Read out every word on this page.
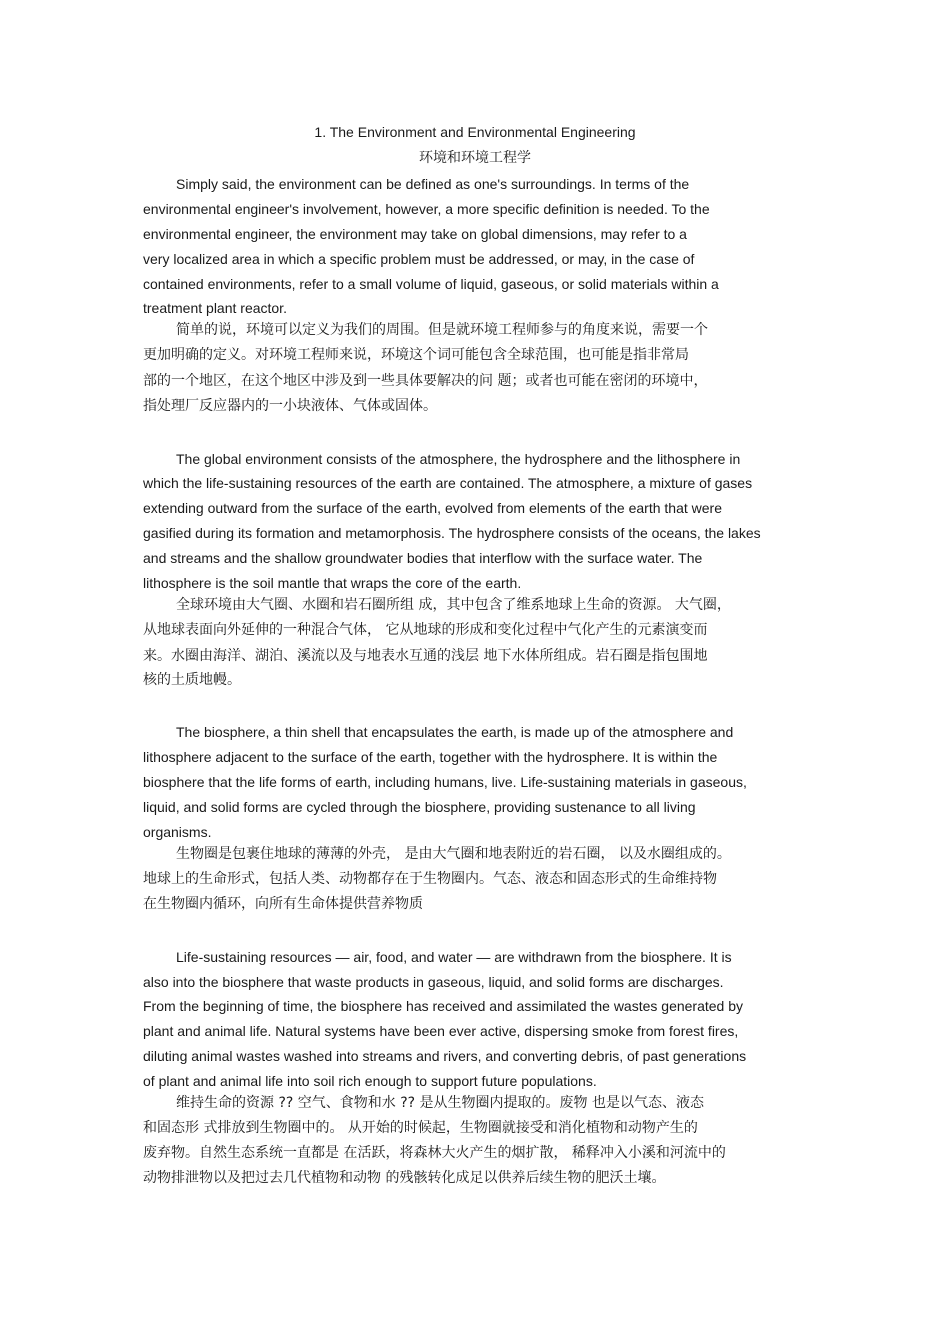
1. The Environment and Environmental Engineering
环境和环境工程学
Simply said, the environment can be defined as one's surroundings. In terms of the
environmental engineer's involvement, however, a more specific definition is needed. To the
environmental engineer, the environment may take on global dimensions, may refer to a
very localized area in which a specific problem must be addressed, or may, in the case of
contained environments, refer to a small volume of liquid, gaseous, or solid materials within a
treatment plant reactor.
简单的说，环境可以定义为我们的周围。但是就环境工程师参与的角度来说，需要一个
更加明确的定义。对环境工程师来说，环境这个词可能包含全球范围，也可能是指非常局
部的一个地区，在这个地区中涉及到一些具体要解决的问 题；或者也可能在密闭的环境中，
指处理厂反应器内的一小块液体、气体或固体。
The global environment consists of the atmosphere, the hydrosphere and the lithosphere in
which the life-sustaining resources of the earth are contained. The atmosphere, a mixture of gases
extending outward from the surface of the earth, evolved from elements of the earth that were
gasified during its formation and metamorphosis. The hydrosphere consists of the oceans, the lakes
and streams and the shallow groundwater bodies that interflow with the surface water. The
lithosphere is the soil mantle that wraps the core of the earth.
全球环境由大气圈、水圈和岩石圈所组 成，其中包含了维系地球上生命的资源。 大气圈，
从地球表面向外延伸的一种混合气体， 它从地球的形成和变化过程中气化产生的元素演变而
来。水圈由海洋、湖泊、溪流以及与地表水互通的浅层 地下水体所组成。岩石圈是指包围地
核的土质地幔。
The biosphere, a thin shell that encapsulates the earth, is made up of the atmosphere and
lithosphere adjacent to the surface of the earth, together with the hydrosphere. It is within the
biosphere that the life forms of earth, including humans, live. Life-sustaining materials in gaseous,
liquid, and solid forms are cycled through the biosphere, providing sustenance to all living
organisms.
生物圈是包裹住地球的薄薄的外壳， 是由大气圈和地表附近的岩石圈， 以及水圈组成的。
地球上的生命形式，包括人类、动物都存在于生物圈内。气态、液态和固态形式的生命维持物
在生物圈内循环，向所有生命体提供营养物质
Life-sustaining resources — air, food, and water — are withdrawn from the biosphere. It is
also into the biosphere that waste products in gaseous, liquid, and solid forms are discharges.
From the beginning of time, the biosphere has received and assimilated the wastes generated by
plant and animal life. Natural systems have been ever active, dispersing smoke from forest fires,
diluting animal wastes washed into streams and rivers, and converting debris, of past generations
of plant and animal life into soil rich enough to support future populations.
维持生命的资源 ?? 空气、食物和水 ?? 是从生物圈内提取的。废物 也是以气态、液态
和固态形 式排放到生物圈中的。 从开始的时候起，生物圈就接受和消化植物和动物产生的
废弃物。自然生态系统一直都是 在活跃，将森林大火产生的烟扩散， 稀释冲入小溪和河流中的
动物排泄物以及把过去几代植物和动物 的残骸转化成足以供养后续生物的肥沃土壤。
